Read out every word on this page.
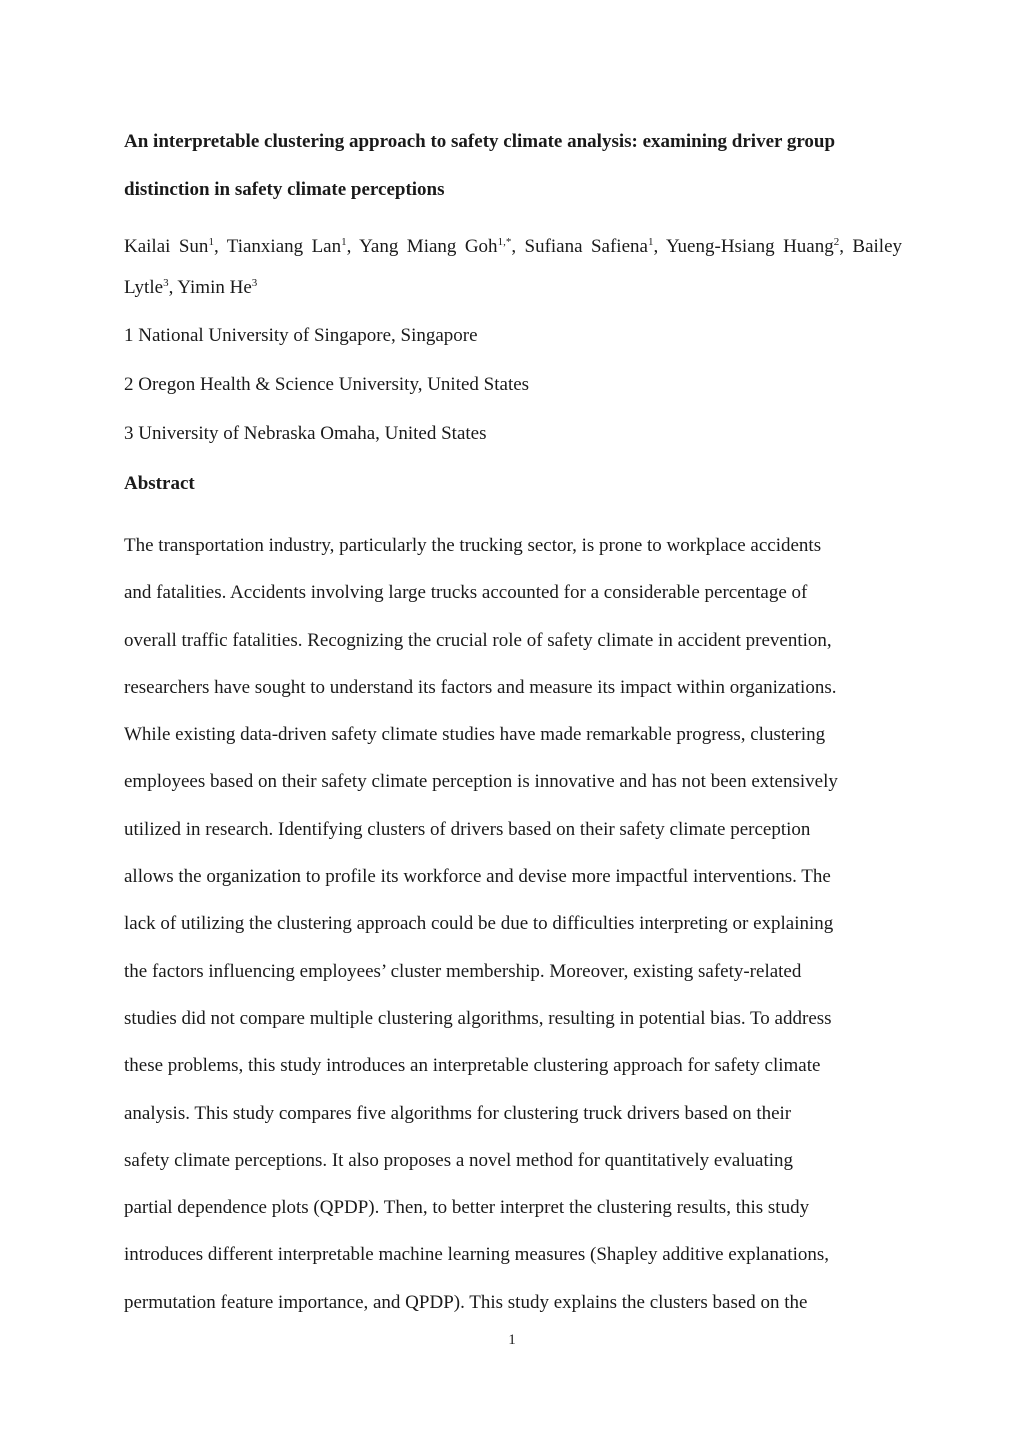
An interpretable clustering approach to safety climate analysis: examining driver group distinction in safety climate perceptions

Kailai Sun$^1$, Tianxiang Lan$^1$, Yang Miang Goh$^{1,*}$, Sufiana Safiena$^1$, Yueng-Hsiang Huang$^2$, Bailey Lytle$^3$, Yimin He$^3$

1 National University of Singapore, Singapore

2 Oregon Health & Science University, United States

3 University of Nebraska Omaha, United States

Abstract

The transportation industry, particularly the trucking sector, is prone to workplace accidents
and fatalities. Accidents involving large trucks accounted for a considerable percentage of
overall traffic fatalities. Recognizing the crucial role of safety climate in accident prevention,
researchers have sought to understand its factors and measure its impact within organizations.
While existing data-driven safety climate studies have made remarkable progress, clustering
employees based on their safety climate perception is innovative and has not been extensively
utilized in research. Identifying clusters of drivers based on their safety climate perception
allows the organization to profile its workforce and devise more impactful interventions. The
lack of utilizing the clustering approach could be due to difficulties interpreting or explaining
the factors influencing employees’ cluster membership. Moreover, existing safety-related
studies did not compare multiple clustering algorithms, resulting in potential bias. To address
these problems, this study introduces an interpretable clustering approach for safety climate
analysis. This study compares five algorithms for clustering truck drivers based on their
safety climate perceptions. It also proposes a novel method for quantitatively evaluating
partial dependence plots (QPDP). Then, to better interpret the clustering results, this study
introduces different interpretable machine learning measures (Shapley additive explanations,
permutation feature importance, and QPDP). This study explains the clusters based on the

1
